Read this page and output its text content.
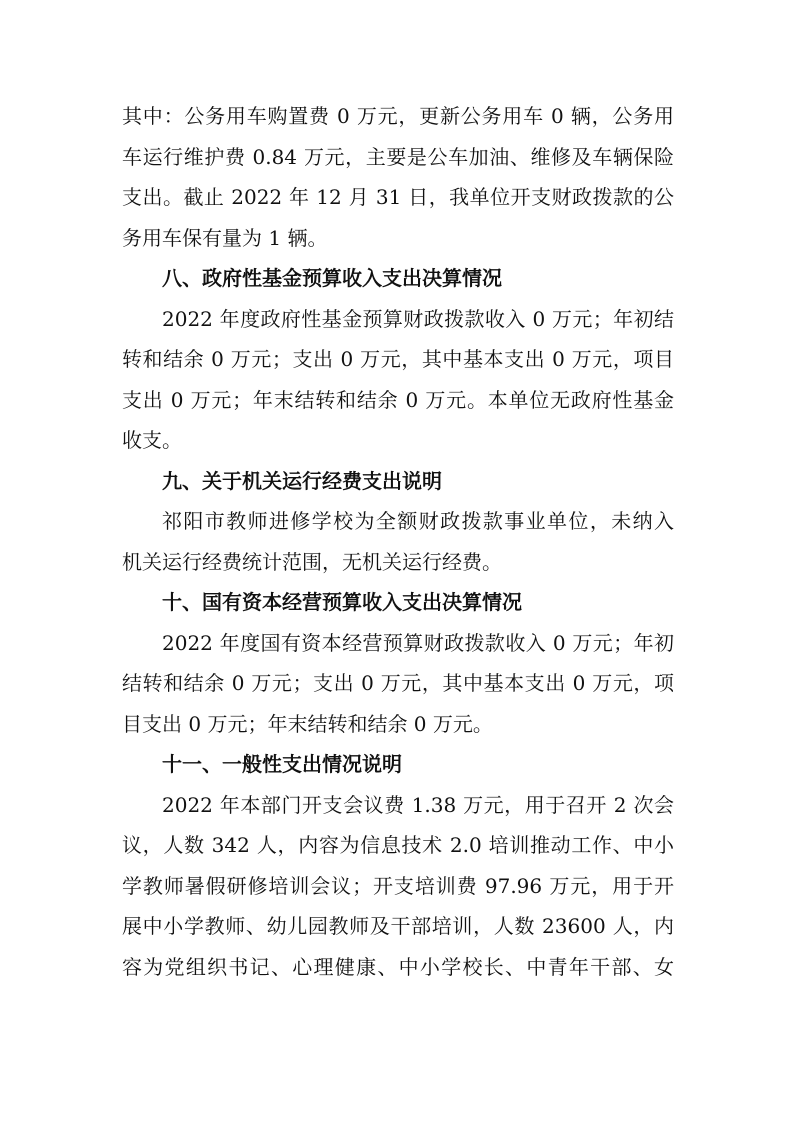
其中：公务用车购置费 0 万元，更新公务用车 0 辆，公务用
车运行维护费 0.84 万元，主要是公车加油、维修及车辆保险
支出。截止 2022 年 12 月 31 日，我单位开支财政拨款的公
务用车保有量为 1 辆。
八、政府性基金预算收入支出决算情况
2022 年度政府性基金预算财政拨款收入 0 万元；年初结
转和结余 0 万元；支出 0 万元，其中基本支出 0 万元，项目
支出 0 万元；年末结转和结余 0 万元。本单位无政府性基金
收支。
九、关于机关运行经费支出说明
祁阳市教师进修学校为全额财政拨款事业单位，未纳入
机关运行经费统计范围，无机关运行经费。
十、国有资本经营预算收入支出决算情况
2022 年度国有资本经营预算财政拨款收入 0 万元；年初
结转和结余 0 万元；支出 0 万元，其中基本支出 0 万元，项
目支出 0 万元；年末结转和结余 0 万元。
十一、一般性支出情况说明
2022 年本部门开支会议费 1.38 万元，用于召开 2 次会
议，人数 342 人，内容为信息技术 2.0 培训推动工作、中小
学教师暑假研修培训会议；开支培训费 97.96 万元，用于开
展中小学教师、幼儿园教师及干部培训，人数 23600 人，内
容为党组织书记、心理健康、中小学校长、中青年干部、女
